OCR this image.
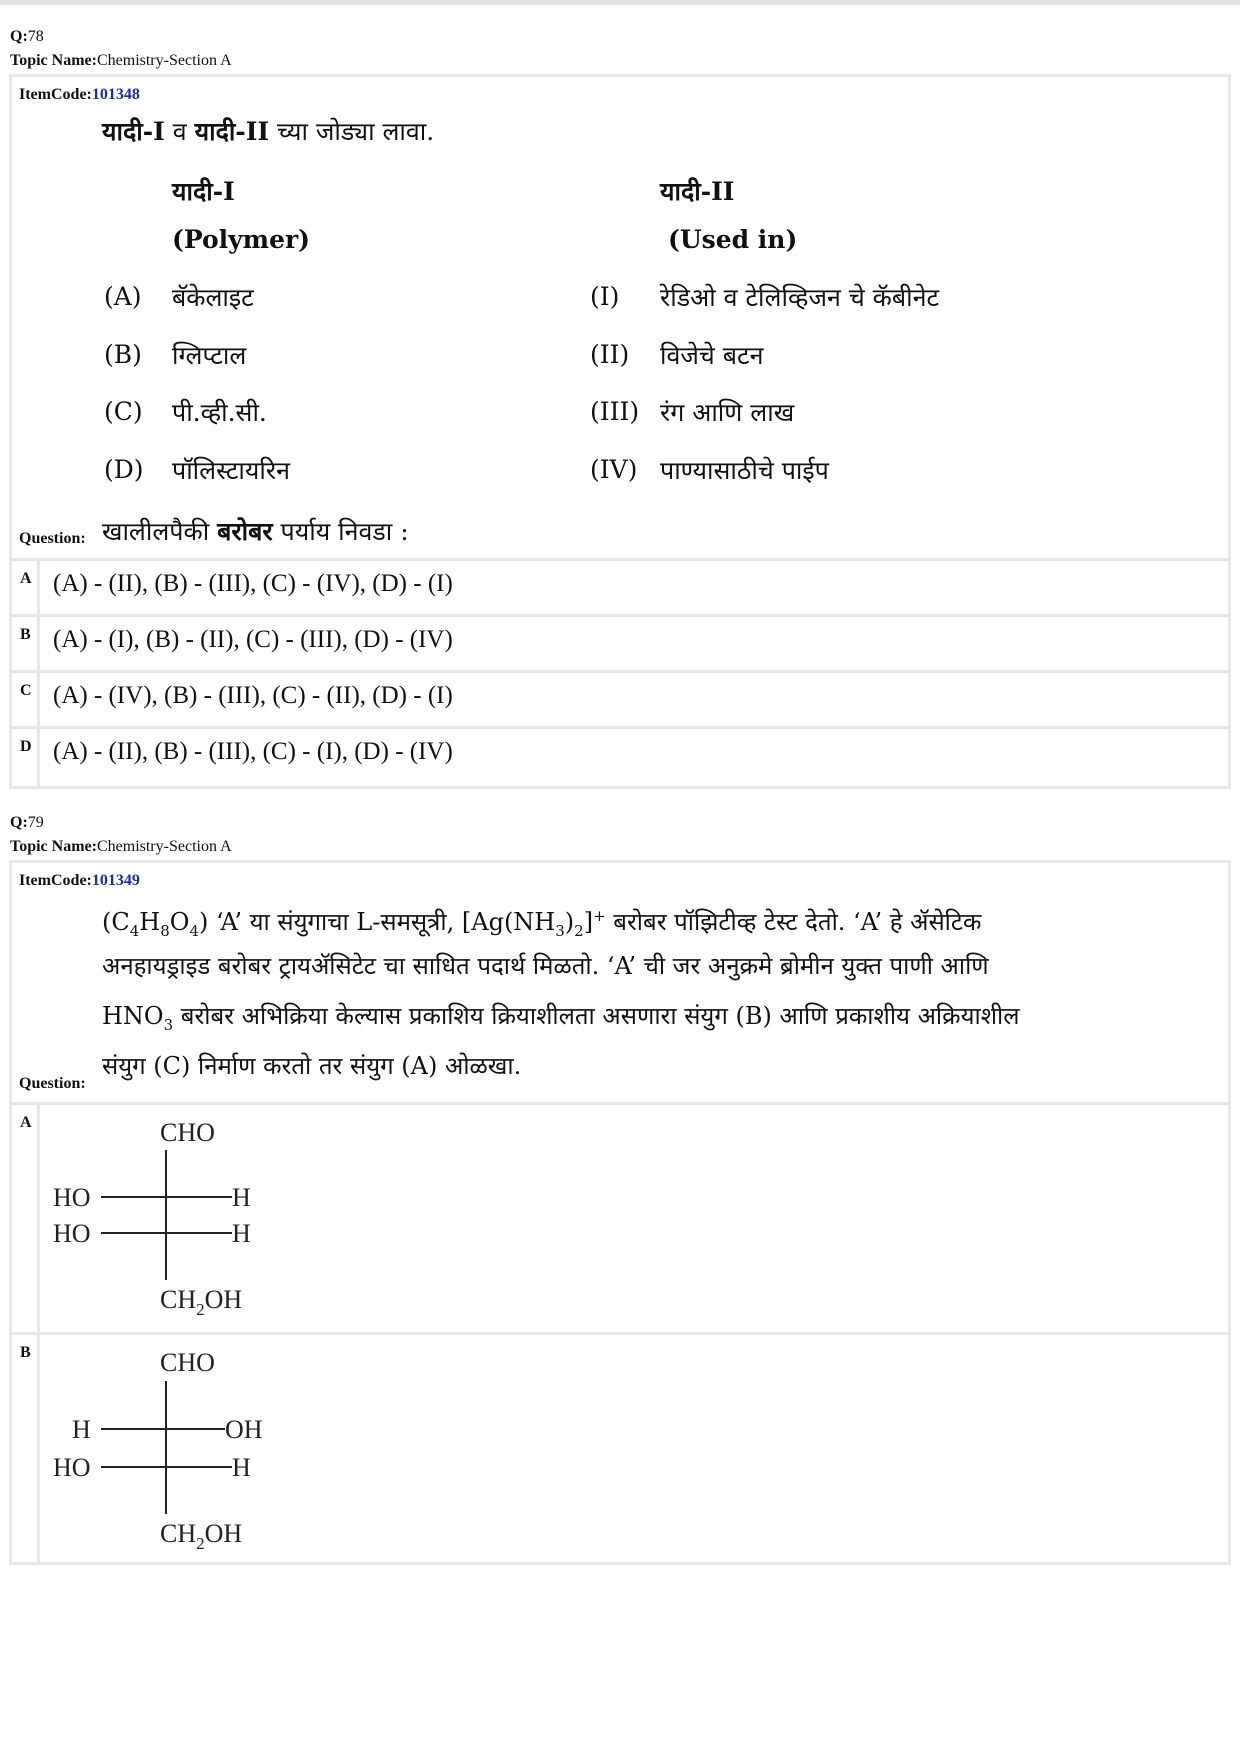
Q:78
Topic Name:Chemistry-Section A
ItemCode:101348
यादी-I व यादी-II च्या जोड्या लावा.
यादी-I
(Polymer)
यादी-II
(Used in)
(A) बॅकेलाइट	(I) रेडिओ व टेलिव्हिजन चे कॅबीनेट
(B) ग्लिप्टाल	(II) विजेचे बटन
(C) पी.व्ही.सी.	(III) रंग आणि लाख
(D) पॉलिस्टायरिन	(IV) पाण्यासाठीचे पाईप
Question: खालीलपैकी बरोबर पर्याय निवडा :
A (A) - (II), (B) - (III), (C) - (IV), (D) - (I)
B (A) - (I), (B) - (II), (C) - (III), (D) - (IV)
C (A) - (IV), (B) - (III), (C) - (II), (D) - (I)
D (A) - (II), (B) - (III), (C) - (I), (D) - (IV)
Q:79
Topic Name:Chemistry-Section A
ItemCode:101349
$(C_4H_8O_4)$ ‘A’ या संयुगाचा L-समसूत्री, $[Ag(NH_3)_2]^+$ बरोबर पॉझिटीव्ह टेस्ट देतो. ‘A’ हे ॲसेटिक
अनहायड्राइड बरोबर ट्रायॲसिटेट चा साधित पदार्थ मिळतो. ‘A’ ची जर अनुक्रमे ब्रोमीन युक्त पाणी आणि
$HNO_3$ बरोबर अभिक्रिया केल्यास प्रकाशिय क्रियाशीलता असणारा संयुग (B) आणि प्रकाशीय अक्रियाशील
Question:
संयुग (C) निर्माण करतो तर संयुग (A) ओळखा.
A	CHO
HO	H
HO	H
$CH_2OH$
B	CHO
H	OH
HO	H
$CH_2OH$
